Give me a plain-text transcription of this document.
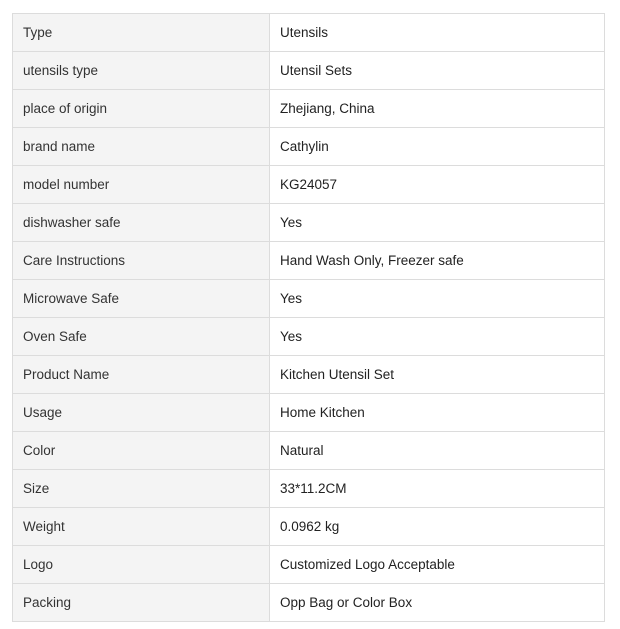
Type	Utensils
utensils type	Utensil Sets
place of origin	Zhejiang, China
brand name	Cathylin
model number	KG24057
dishwasher safe	Yes
Care Instructions	Hand Wash Only, Freezer safe
Microwave Safe	Yes
Oven Safe	Yes
Product Name	Kitchen Utensil Set
Usage	Home Kitchen
Color	Natural
Size	33*11.2CM
Weight	0.0962 kg
Logo	Customized Logo Acceptable
Packing	Opp Bag or Color Box
